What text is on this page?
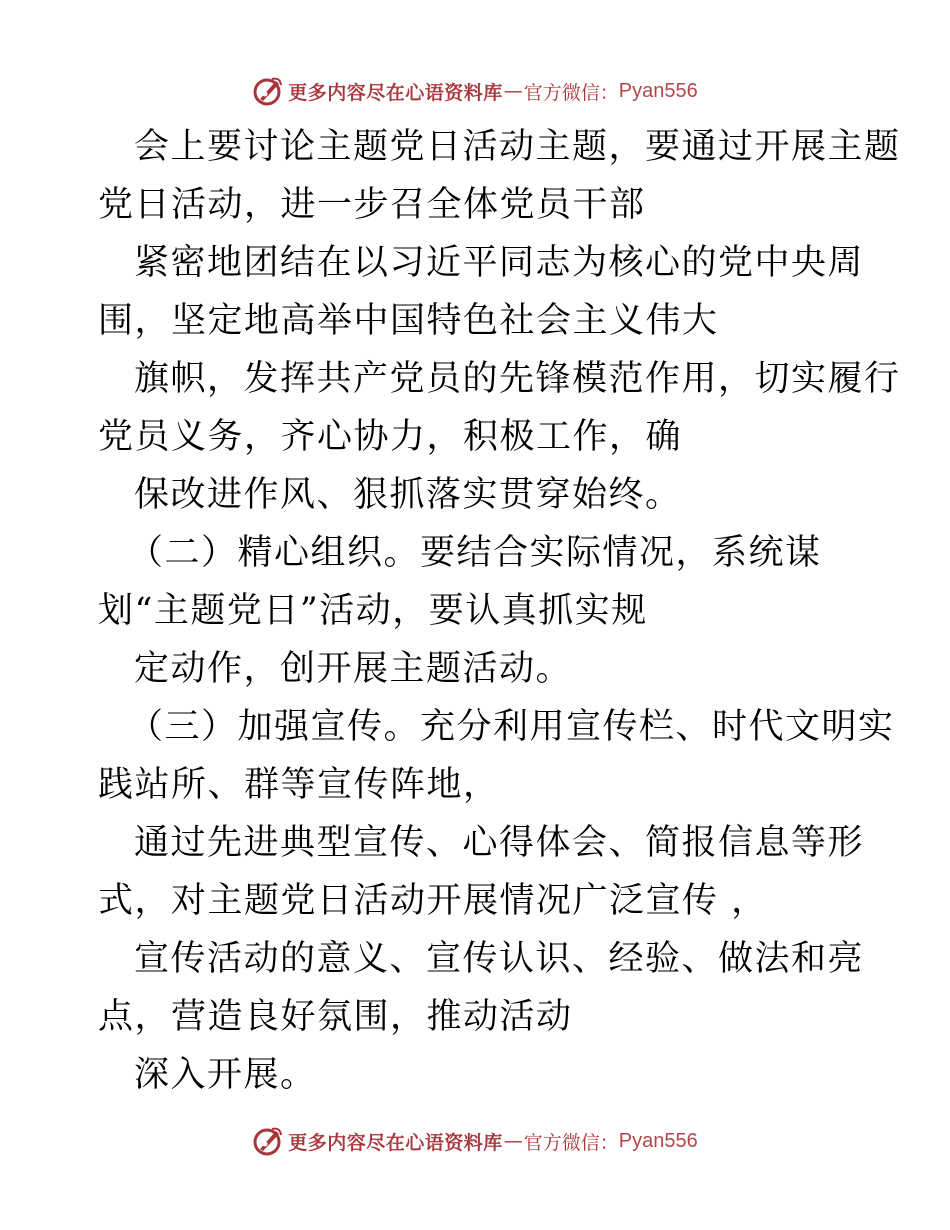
更多内容尽在心语资料库 — 官方微信： Pyan556
会上要讨论主题党日活动主题，要通过开展主题
党日活动，进一步召全体党员干部
紧密地团结在以习近平同志为核心的党中央周
围，坚定地高举中国特色社会主义伟大
旗帜，发挥共产党员的先锋模范作用，切实履行
党员义务，齐心协力，积极工作，确
保改进作风、狠抓落实贯穿始终。
（二）精心组织。要结合实际情况，系统谋
划“主题党日”活动，要认真抓实规
定动作，创开展主题活动。
（三）加强宣传。充分利用宣传栏、时代文明实
践站所、群等宣传阵地，
通过先进典型宣传、心得体会、简报信息等形
式，对主题党日活动开展情况广泛宣传 ，
宣传活动的意义、宣传认识、经验、做法和亮
点，营造良好氛围，推动活动
深入开展。
更多内容尽在心语资料库 — 官方微信： Pyan556
